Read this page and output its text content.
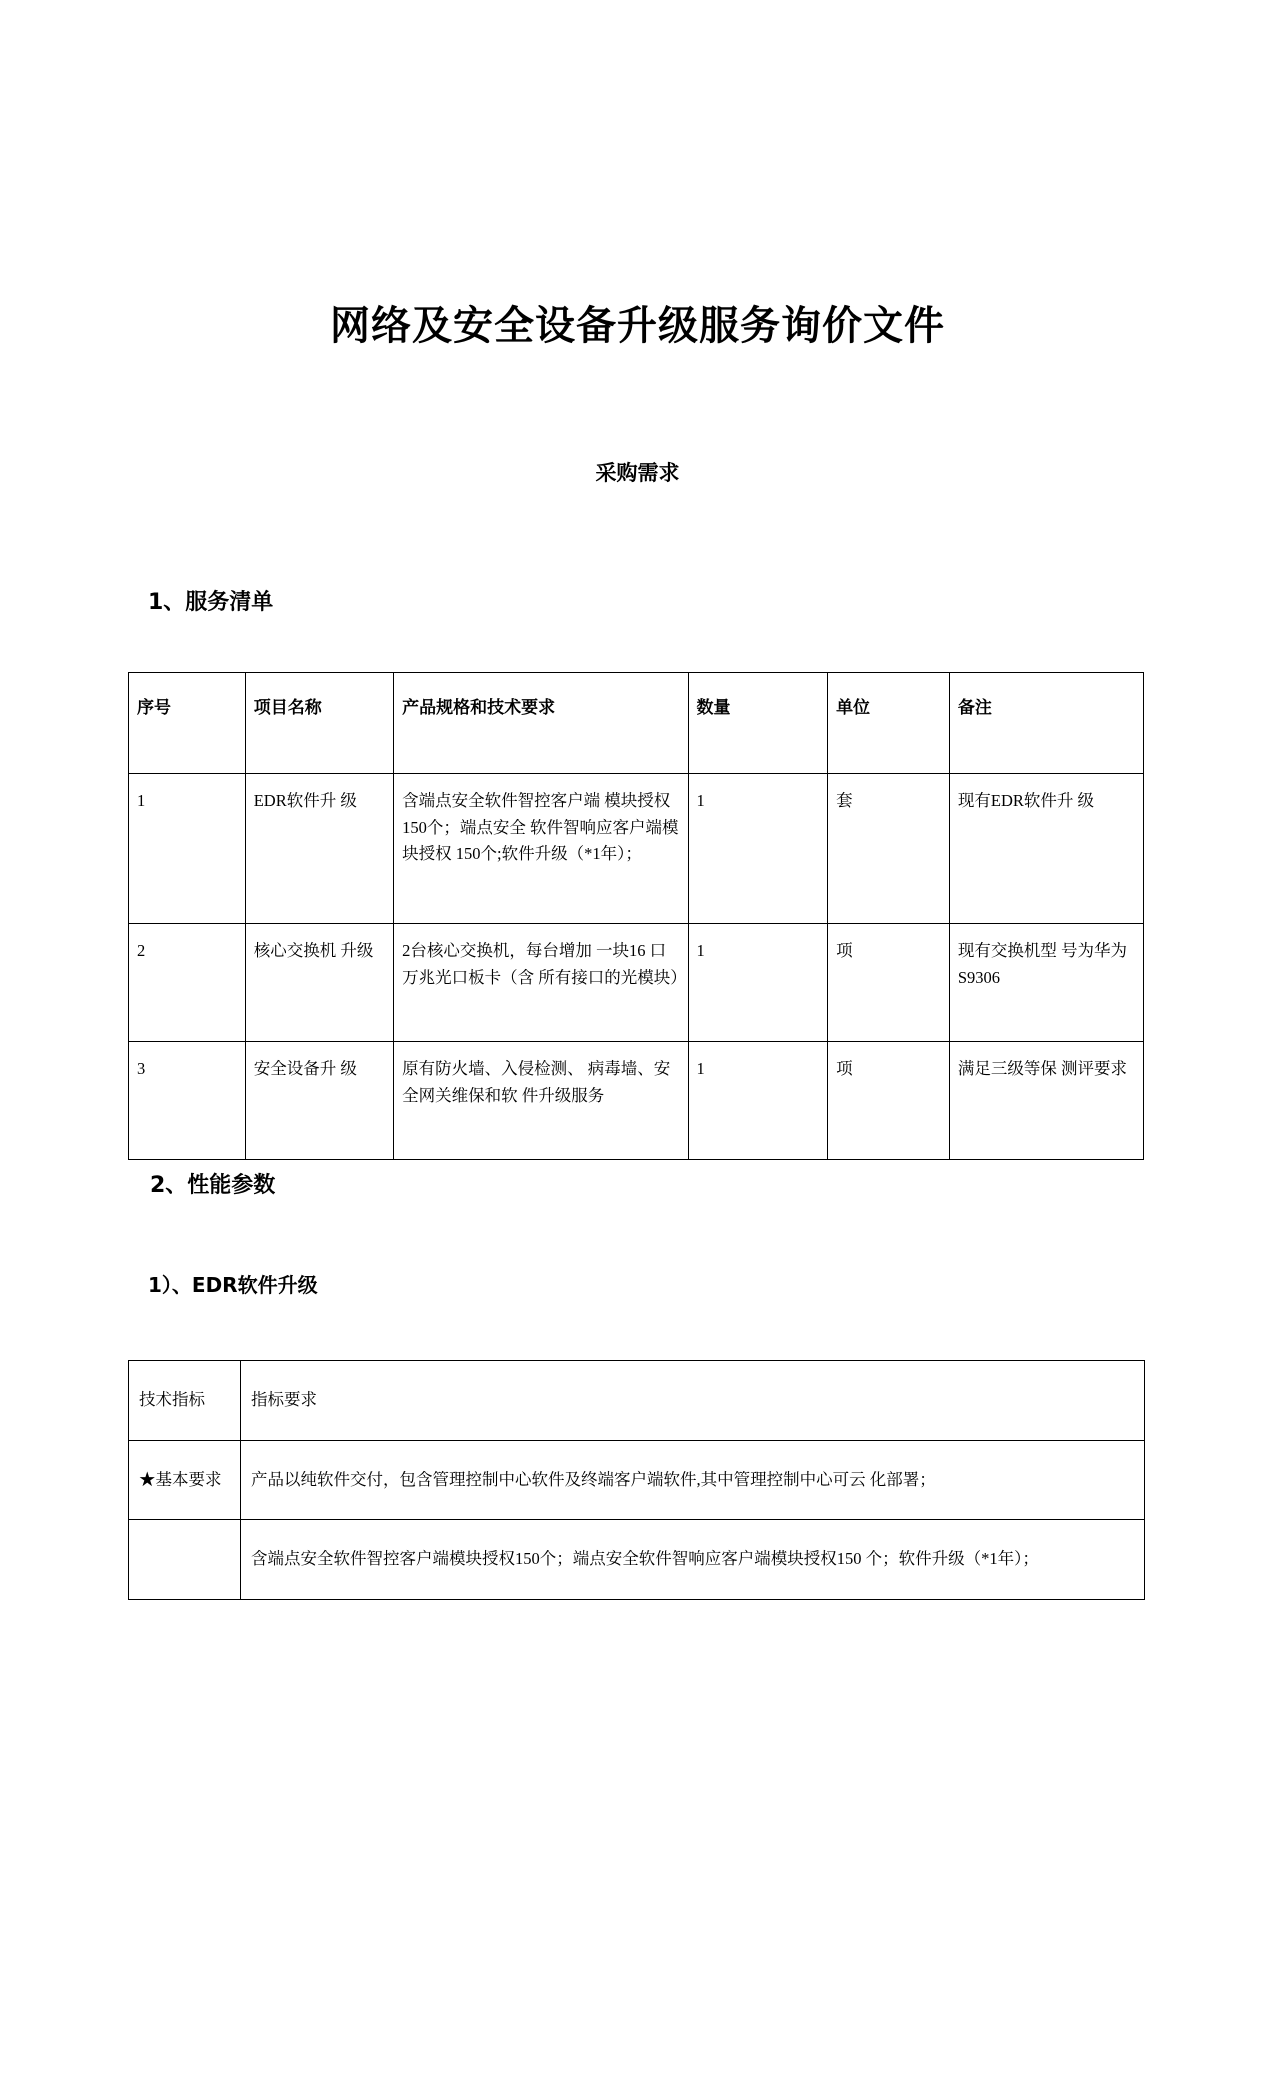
网络及安全设备升级服务询价文件
采购需求
1、服务清单
序号	项目名称	产品规格和技术要求	数量	单位	备注
1	EDR软件升 级	含端点安全软件智控客户端 模块授权150个；端点安全 软件智响应客户端模块授权 150个;软件升级（*1年）；	1	套	现有EDR软件升 级
2	核心交换机 升级	2台核心交换机，每台增加 一块16 口万兆光口板卡（含 所有接口的光模块）	1	项	现有交换机型 号为华为S9306
3	安全设备升 级	原有防火墙、入侵检测、 病毒墙、安全网关维保和软 件升级服务	1	项	满足三级等保 测评要求
2、性能参数
1）、EDR软件升级
技术指标	指标要求
★基本要求	产品以纯软件交付，包含管理控制中心软件及终端客户端软件,其中管理控制中心可云 化部署；
	含端点安全软件智控客户端模块授权150个；端点安全软件智响应客户端模块授权150 个；软件升级（*1年）；
